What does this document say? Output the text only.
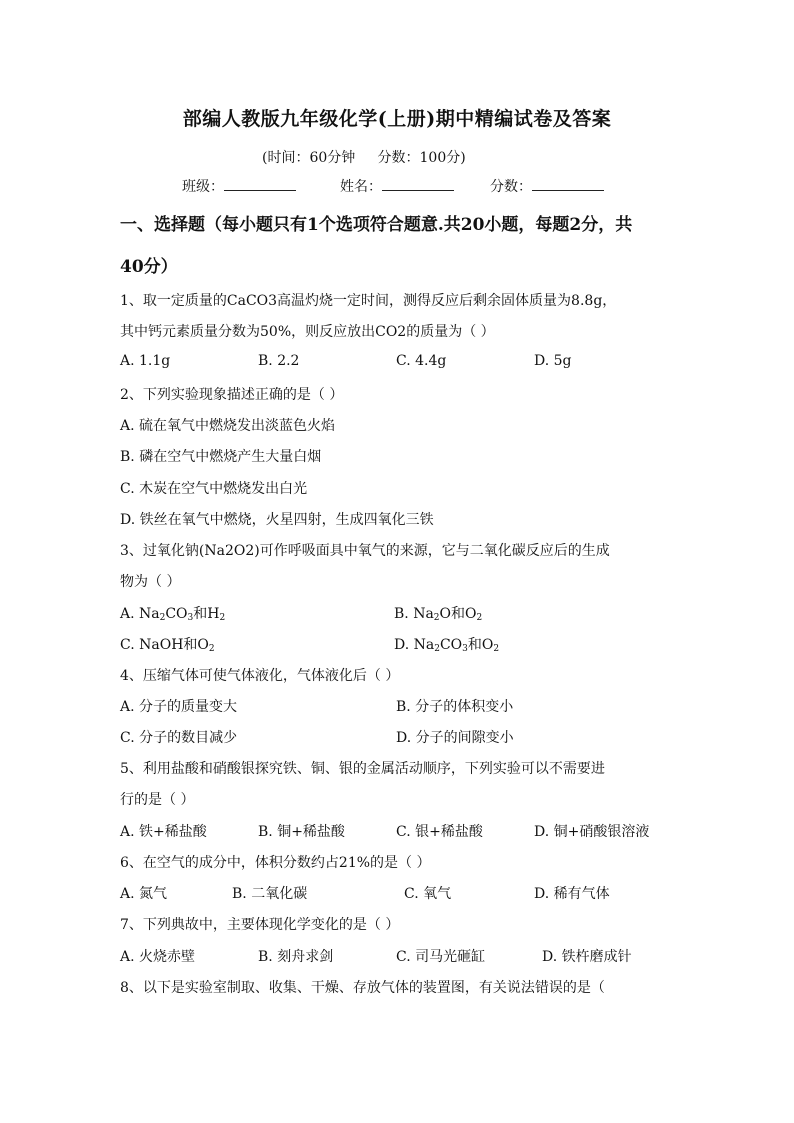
部编人教版九年级化学(上册)期中精编试卷及答案
(时间：60分钟     分数：100分)
班级：	姓名：	分数：
一、选择题（每小题只有1个选项符合题意.共20小题，每题2分，共
40分）
1、取一定质量的CaCO3高温灼烧一定时间，测得反应后剩余固体质量为8.8g，
其中钙元素质量分数为50%，则反应放出CO2的质量为（ ）
A. 1.1g	B. 2.2	C. 4.4g	D. 5g
2、下列实验现象描述正确的是（ ）
A. 硫在氧气中燃烧发出淡蓝色火焰
B. 磷在空气中燃烧产生大量白烟
C. 木炭在空气中燃烧发出白光
D. 铁丝在氧气中燃烧，火星四射，生成四氧化三铁
3、过氧化钠(Na2O2)可作呼吸面具中氧气的来源，它与二氧化碳反应后的生成
物为（ ）
A. $Na_2CO_3$和$H_2$	B. $Na_2O$和$O_2$
C. NaOH和$O_2$	D. $Na_2CO_3$和$O_2$
4、压缩气体可使气体液化，气体液化后（ ）
A. 分子的质量变大	B. 分子的体积变小
C. 分子的数目减少	D. 分子的间隙变小
5、利用盐酸和硝酸银探究铁、铜、银的金属活动顺序，下列实验可以不需要进
行的是（ ）
A. 铁+稀盐酸	B. 铜+稀盐酸	C. 银+稀盐酸	D. 铜+硝酸银溶液
6、在空气的成分中，体积分数约占21%的是（ ）
A. 氮气	B. 二氧化碳	C. 氧气	D. 稀有气体
7、下列典故中，主要体现化学变化的是（ ）
A. 火烧赤壁	B. 刻舟求剑	C. 司马光砸缸	D. 铁杵磨成针
8、以下是实验室制取、收集、干燥、存放气体的装置图，有关说法错误的是（
